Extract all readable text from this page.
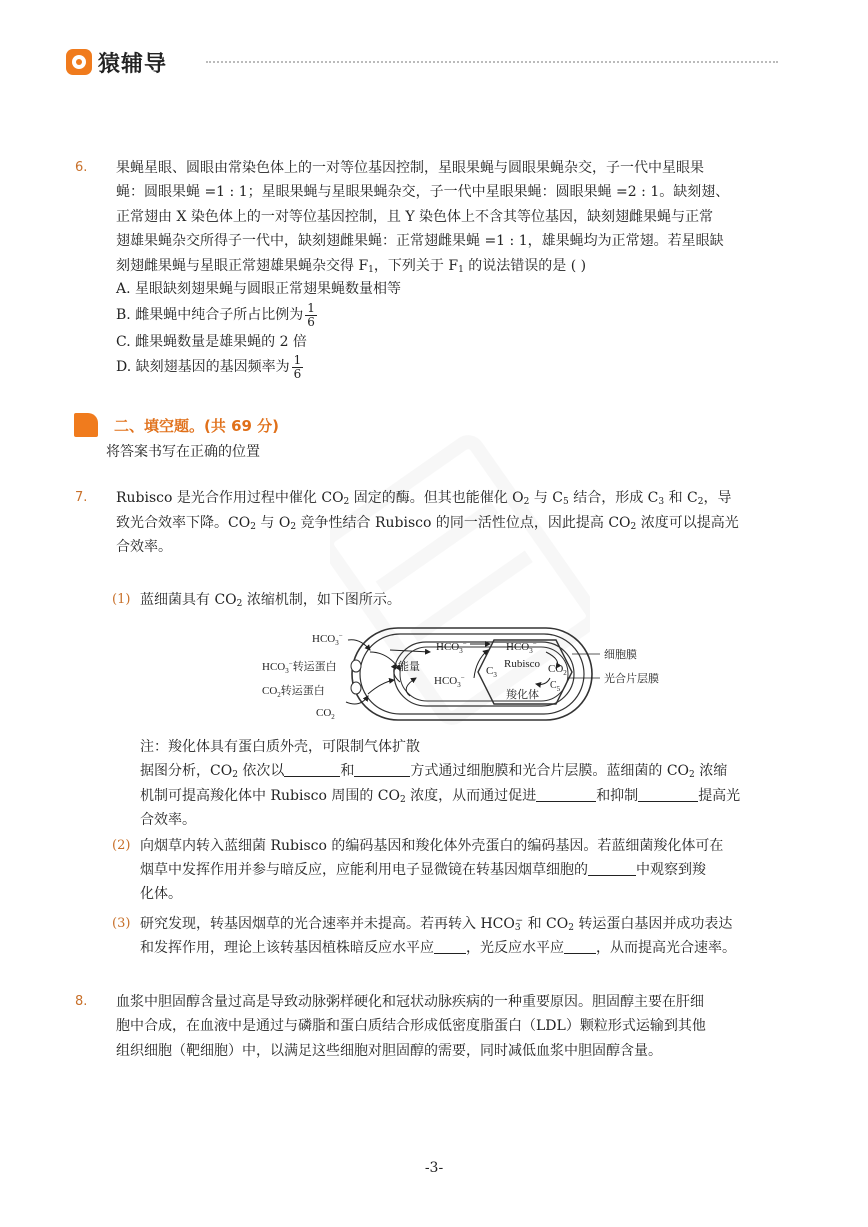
猿辅导
6. 果蝇星眼、圆眼由常染色体上的一对等位基因控制，星眼果蝇与圆眼果蝇杂交，子一代中星眼果
蝇：圆眼果蝇 =1 : 1；星眼果蝇与星眼果蝇杂交，子一代中星眼果蝇：圆眼果蝇 =2 : 1。缺刻翅、
正常翅由 X 染色体上的一对等位基因控制，且 Y 染色体上不含其等位基因，缺刻翅雌果蝇与正常
翅雄果蝇杂交所得子一代中，缺刻翅雌果蝇：正常翅雌果蝇 =1 : 1，雄果蝇均为正常翅。若星眼缺
刻翅雌果蝇与星眼正常翅雄果蝇杂交得 $F_1$，下列关于 $F_1$ 的说法错误的是 ( )
A. 星眼缺刻翅果蝇与圆眼正常翅果蝇数量相等
B. 雌果蝇中纯合子所占比例为 $\frac{1}{6}$
C. 雌果蝇数量是雄果蝇的 2 倍
D. 缺刻翅基因的基因频率为 $\frac{1}{6}$
二、填空题。(共 69 分)
将答案书写在正确的位置
7. Rubisco 是光合作用过程中催化 $CO_2$ 固定的酶。但其也能催化 $O_2$ 与 $C_5$ 结合，形成 $C_3$ 和 $C_2$，导
致光合效率下降。$CO_2$ 与 $O_2$ 竞争性结合 Rubisco 的同一活性位点，因此提高 $CO_2$ 浓度可以提高光
合效率。
(1) 蓝细菌具有 $CO_2$ 浓缩机制，如下图所示。
$HCO_3^-$
$HCO_3^-$转运蛋白
$CO_2$转运蛋白
$CO_2$
能量
$HCO_3^-$
$HCO_3^-$
$HCO_3^-$
Rubisco
$C_3$	$CO_2$
$C_5$
羧化体
细胞膜
光合片层膜
注：羧化体具有蛋白质外壳，可限制气体扩散
据图分析，$CO_2$ 依次以	和	方式通过细胞膜和光合片层膜。蓝细菌的 $CO_2$ 浓缩
机制可提高羧化体中 Rubisco 周围的 $CO_2$ 浓度，从而通过促进	和抑制	提高光
合效率。
(2) 向烟草内转入蓝细菌 Rubisco 的编码基因和羧化体外壳蛋白的编码基因。若蓝细菌羧化体可在
烟草中发挥作用并参与暗反应，应能利用电子显微镜在转基因烟草细胞的	中观察到羧
化体。
(3) 研究发现，转基因烟草的光合速率并未提高。若再转入 $HCO_3^-$ 和 $CO_2$ 转运蛋白基因并成功表达
和发挥作用，理论上该转基因植株暗反应水平应 ，光反应水平应 ，从而提高光合速率。
8. 血浆中胆固醇含量过高是导致动脉粥样硬化和冠状动脉疾病的一种重要原因。胆固醇主要在肝细
胞中合成，在血液中是通过与磷脂和蛋白质结合形成低密度脂蛋白（LDL）颗粒形式运输到其他
组织细胞（靶细胞）中，以满足这些细胞对胆固醇的需要，同时减低血浆中胆固醇含量。
-3-
